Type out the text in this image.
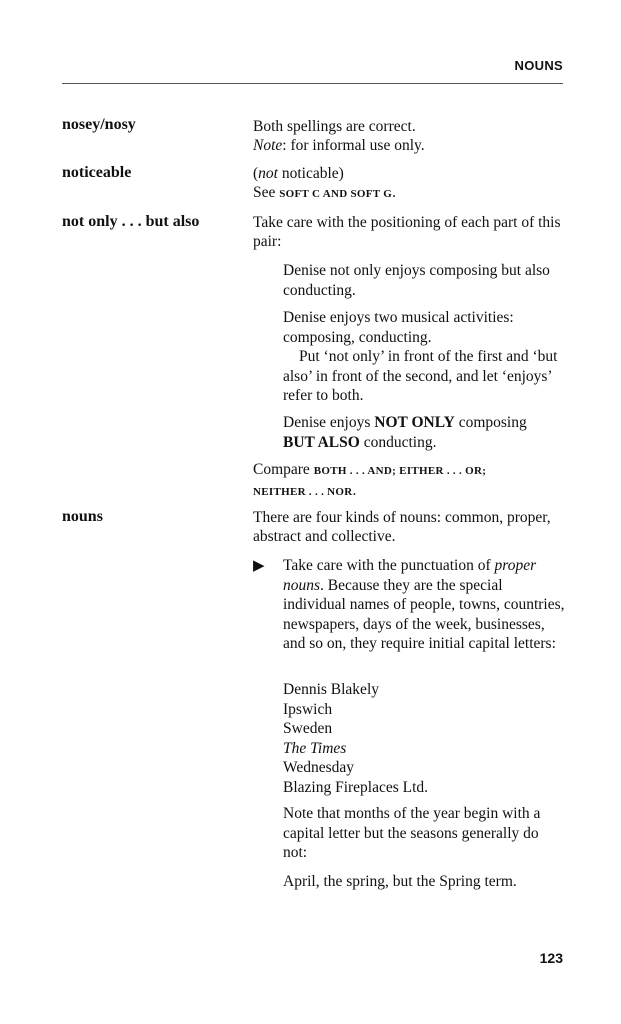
NOUNS
nosey/nosy	Both spellings are correct.

Note: for informal use only.

noticeable	(not noticable)

See SOFT C AND SOFT G.

not only . . . but also	Take care with the positioning of each part of this pair:

Denise not only enjoys composing but also conducting.

Denise enjoys two musical activities:

composing, conducting.

Put ‘not only’ in front of the first and ‘but also’ in front of the second, and let ‘enjoys’ refer to both.

Denise enjoys NOT ONLY composing

BUT ALSO conducting.

Compare BOTH . . . AND; EITHER . . . OR;

NEITHER . . . NOR.

nouns	There are four kinds of nouns: common, proper, abstract and collective.

▶ Take care with the punctuation of proper nouns. Because they are the special individual names of people, towns, countries, newspapers, days of the week, businesses, and so on, they require initial capital letters:

Dennis Blakely

Ipswich

Sweden

The Times

Wednesday

Blazing Fireplaces Ltd.

Note that months of the year begin with a capital letter but the seasons generally do not:
April, the spring, but the Spring term.
123
